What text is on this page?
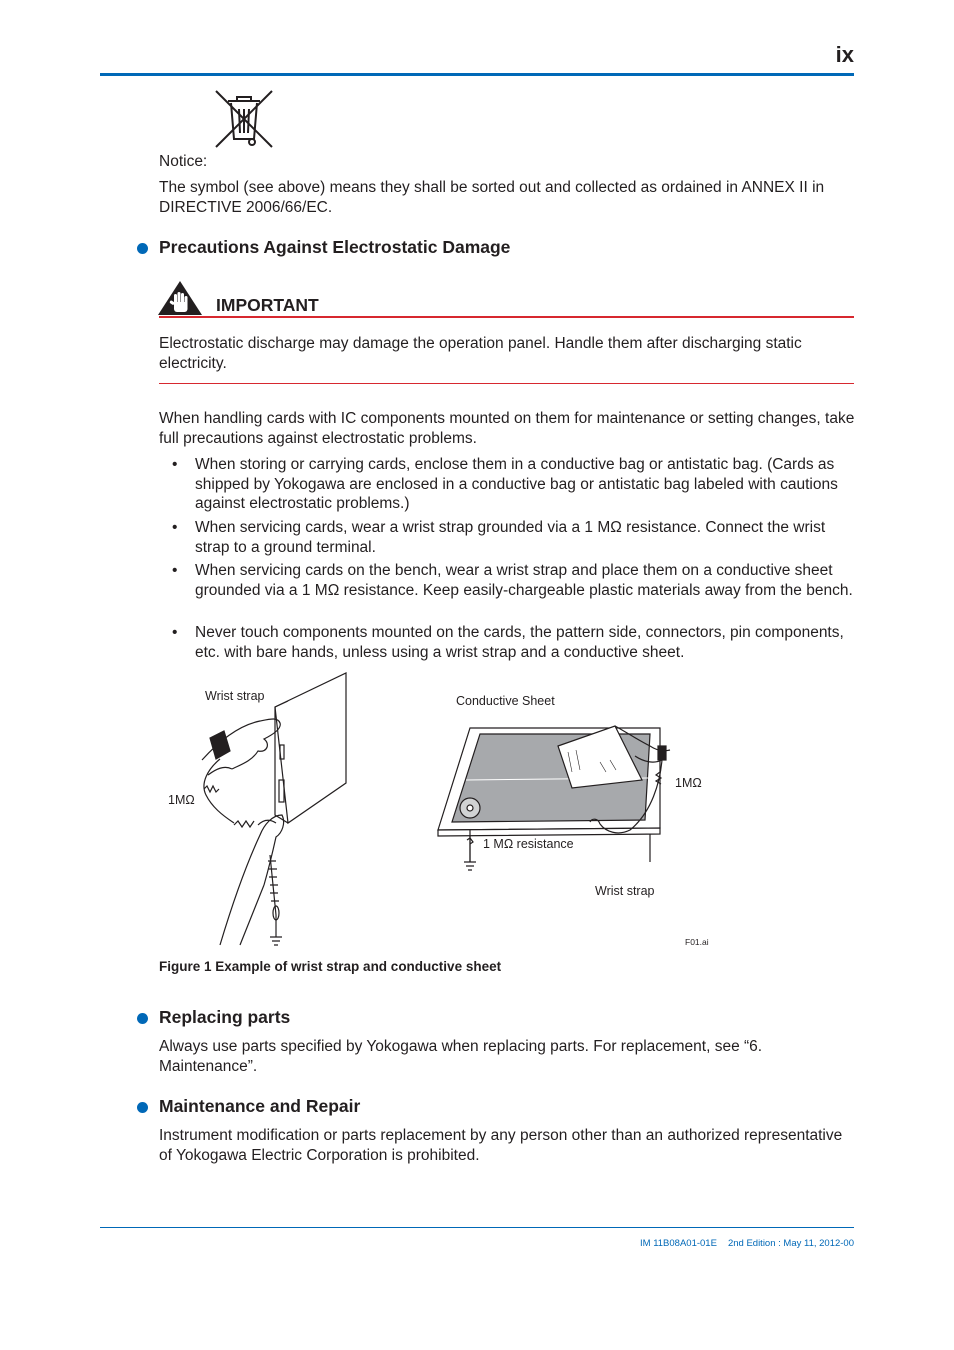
ix
Notice:
The symbol (see above) means they shall be sorted out and collected as ordained in ANNEX II in DIRECTIVE 2006/66/EC.
Precautions Against Electrostatic Damage
IMPORTANT
Electrostatic discharge may damage the operation panel. Handle them after discharging static electricity.
When handling cards with IC components mounted on them for maintenance or setting changes, take full precautions against electrostatic problems.
• When storing or carrying cards, enclose them in a conductive bag or antistatic bag. (Cards as shipped by Yokogawa are enclosed in a conductive bag or antistatic bag labeled with cautions against electrostatic problems.)
• When servicing cards, wear a wrist strap grounded via a 1 MΩ resistance. Connect the wrist strap to a ground terminal.
• When servicing cards on the bench, wear a wrist strap and place them on a conductive sheet grounded via a 1 MΩ resistance. Keep easily-chargeable plastic materials away from the bench.
• Never touch components mounted on the cards, the pattern side, connectors, pin components, etc. with bare hands, unless using a wrist strap and a conductive sheet.
Wrist strap
1MΩ
Conductive Sheet
1MΩ
1 MΩ resistance
Wrist strap
F01.ai
Figure 1 Example of wrist strap and conductive sheet
Replacing parts
Always use parts specified by Yokogawa when replacing parts. For replacement, see “6. Maintenance”.
Maintenance and Repair
Instrument modification or parts replacement by any person other than an authorized representative of Yokogawa Electric Corporation is prohibited.
IM 11B08A01-01E 2nd Edition : May 11, 2012-00
